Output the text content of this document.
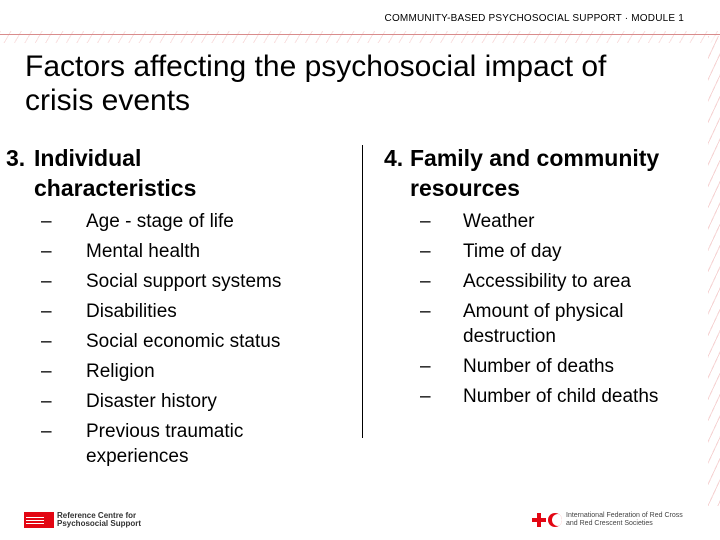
COMMUNITY-BASED PSYCHOSOCIAL SUPPORT · MODULE 1
Factors affecting the psychosocial impact of crisis events
3. Individual characteristics
4. Family and community resources
–	Age - stage of life
–	Mental health
–	Social support systems
–	Disabilities
–	Social economic status
–	Religion
–	Disaster history
–	Previous traumatic experiences
–	Weather
–	Time of day
–	Accessibility to area
–	Amount of physical destruction
–	Number of deaths
–	Number of child deaths
Reference Centre for Psychosocial Support
International Federation of Red Cross and Red Crescent Societies
